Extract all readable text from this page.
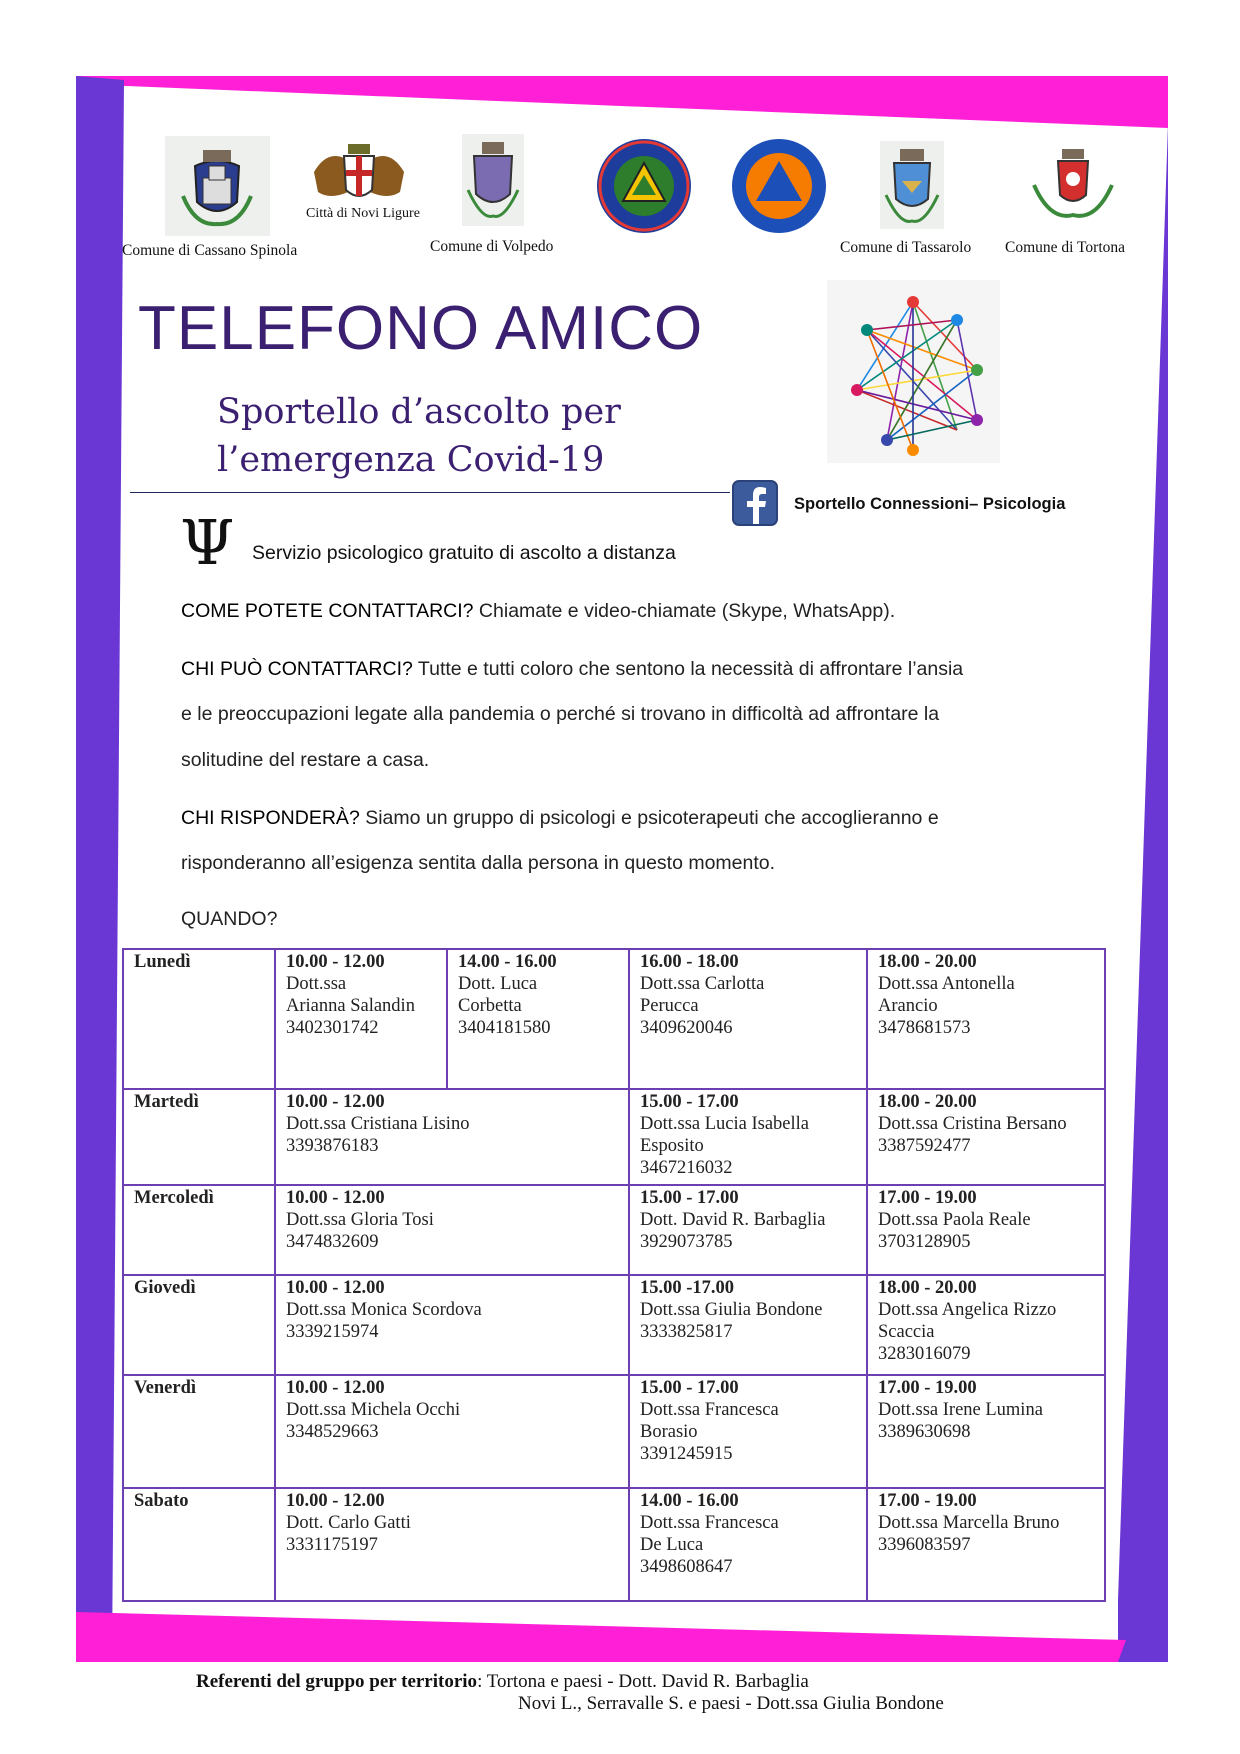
Comune di Cassano Spinola
Città di Novi Ligure
Comune di Volpedo	Comune di Tassarolo Comune di Tortona
TELEFONO AMICO
Sportello d’ascolto per
l’emergenza Covid-19
Sportello Connessioni– Psicologia
Ψ Servizio psicologico gratuito di ascolto a distanza
COME POTETE CONTATTARCI? Chiamate e video-chiamate (Skype, WhatsApp).
CHI PUÒ CONTATTARCI? Tutte e tutti coloro che sentono la necessità di affrontare l’ansia
e le preoccupazioni legate alla pandemia o perché si trovano in difficoltà ad affrontare la
solitudine del restare a casa.
CHI RISPONDERÀ? Siamo un gruppo di psicologi e psicoterapeuti che accoglieranno e
risponderanno all’esigenza sentita dalla persona in questo momento.
QUANDO?
Lunedì	10.00 - 12.00
Dott.ssa
Arianna Salandin
3402301742	14.00 - 16.00
Dott. Luca
Corbetta
3404181580	16.00 - 18.00
Dott.ssa Carlotta
Perucca
3409620046	18.00 - 20.00
Dott.ssa Antonella
Arancio
3478681573

Martedì	10.00 - 12.00
Dott.ssa Cristiana Lisino
3393876183		15.00 - 17.00
Dott.ssa Lucia Isabella
Esposito
3467216032	18.00 - 20.00
Dott.ssa Cristina Bersano
3387592477

Mercoledì	10.00 - 12.00
Dott.ssa Gloria Tosi
3474832609		15.00 - 17.00
Dott. David R. Barbaglia
3929073785	17.00 - 19.00
Dott.ssa Paola Reale
3703128905

Giovedì	10.00 - 12.00
Dott.ssa Monica Scordova
3339215974		15.00 -17.00
Dott.ssa Giulia Bondone
3333825817	18.00 - 20.00
Dott.ssa Angelica Rizzo
Scaccia
3283016079

Venerdì	10.00 - 12.00
Dott.ssa Michela Occhi
3348529663		15.00 - 17.00
Dott.ssa Francesca
Borasio
3391245915	17.00 - 19.00
Dott.ssa Irene Lumina
3389630698

Sabato	10.00 - 12.00
Dott. Carlo Gatti
3331175197		14.00 - 16.00
Dott.ssa Francesca
De Luca
3498608647	17.00 - 19.00
Dott.ssa Marcella Bruno
3396083597
Referenti del gruppo per territorio: Tortona e paesi - Dott. David R. Barbaglia
Novi L., Serravalle S. e paesi - Dott.ssa Giulia Bondone
